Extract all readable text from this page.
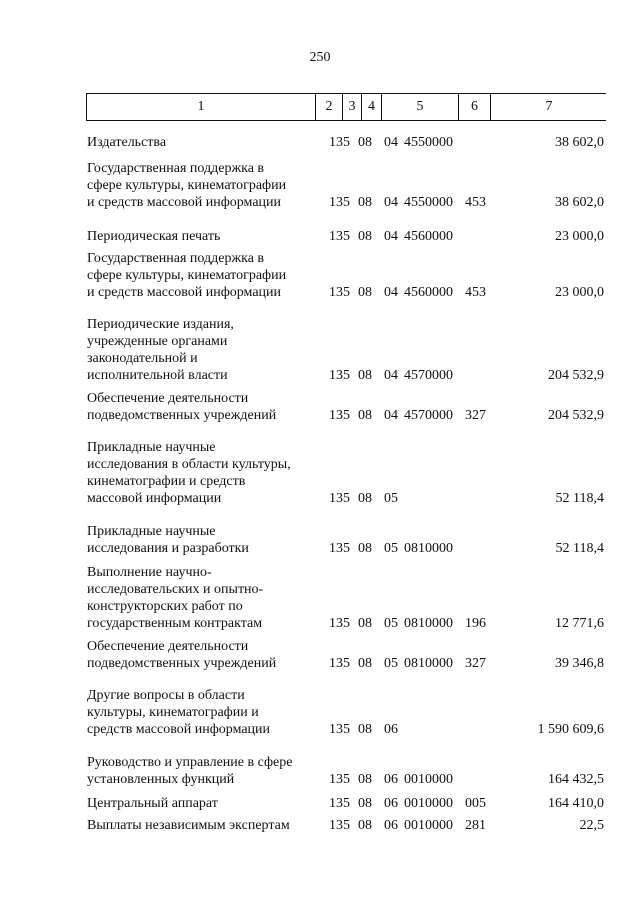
250
1	2	3 4	5	6	7
Издательства	135 08 04 4550000	38 602,0
Государственная поддержка в
сфере культуры, кинематографии
и средств массовой информации	135 08 04 4550000 453	38 602,0
Периодическая печать	135 08 04 4560000	23 000,0
Государственная поддержка в
сфере культуры, кинематографии
и средств массовой информации	135 08 04 4560000 453	23 000,0
Периодические издания,
учрежденные органами
законодательной и
исполнительной власти	135 08 04 4570000	204 532,9
Обеспечение деятельности
подведомственных учреждений	135 08 04 4570000 327	204 532,9
Прикладные научные
исследования в области культуры,
кинематографии и средств
массовой информации	135 08 05	52 118,4
Прикладные научные
исследования и разработки	135 08 05 0810000	52 118,4
Выполнение научно-
исследовательских и опытно-
конструкторских работ по
государственным контрактам	135 08 05 0810000 196	12 771,6
Обеспечение деятельности
подведомственных учреждений	135 08 05 0810000 327	39 346,8
Другие вопросы в области
культуры, кинематографии и
средств массовой информации	135 08 06	1 590 609,6
Руководство и управление в сфере
установленных функций	135 08 06 0010000	164 432,5
Центральный аппарат	135 08 06 0010000 005	164 410,0
Выплаты независимым экспертам	135 08 06 0010000 281	22,5
